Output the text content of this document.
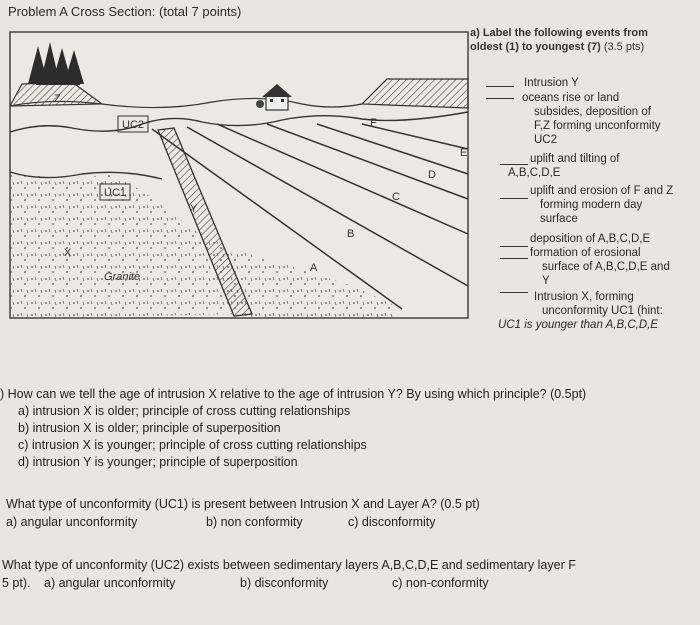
Problem A Cross Section: (total 7 points)
Z
UC2	F
E
D
C
B
A
Y
UC1
X
Granite
a) Label the following events from
oldest (1) to youngest (7) (3.5 pts)
Intrusion Y
oceans rise or land
subsides, deposition of
F,Z forming unconformity
UC2
uplift and tilting of
A,B,C,D,E
uplift and erosion of F and Z
forming modern day
surface
deposition of A,B,C,D,E
formation of erosional
surface of A,B,C,D,E and
Y
Intrusion X, forming
unconformity UC1 (hint:
UC1 is younger than A,B,C,D,E
) How can we tell the age of intrusion X relative to the age of intrusion Y? By using which principle? (0.5pt)
a) intrusion X is older; principle of cross cutting relationships
b) intrusion X is older; principle of superposition
c) intrusion X is younger; principle of cross cutting relationships
d) intrusion Y is younger; principle of superposition
What type of unconformity (UC1) is present between Intrusion X and Layer A? (0.5 pt)
a) angular unconformity	b) non conformity	c) disconformity
What type of unconformity (UC2) exists between sedimentary layers A,B,C,D,E and sedimentary layer F
5 pt). a) angular unconformity	b) disconformity	c) non-conformity
